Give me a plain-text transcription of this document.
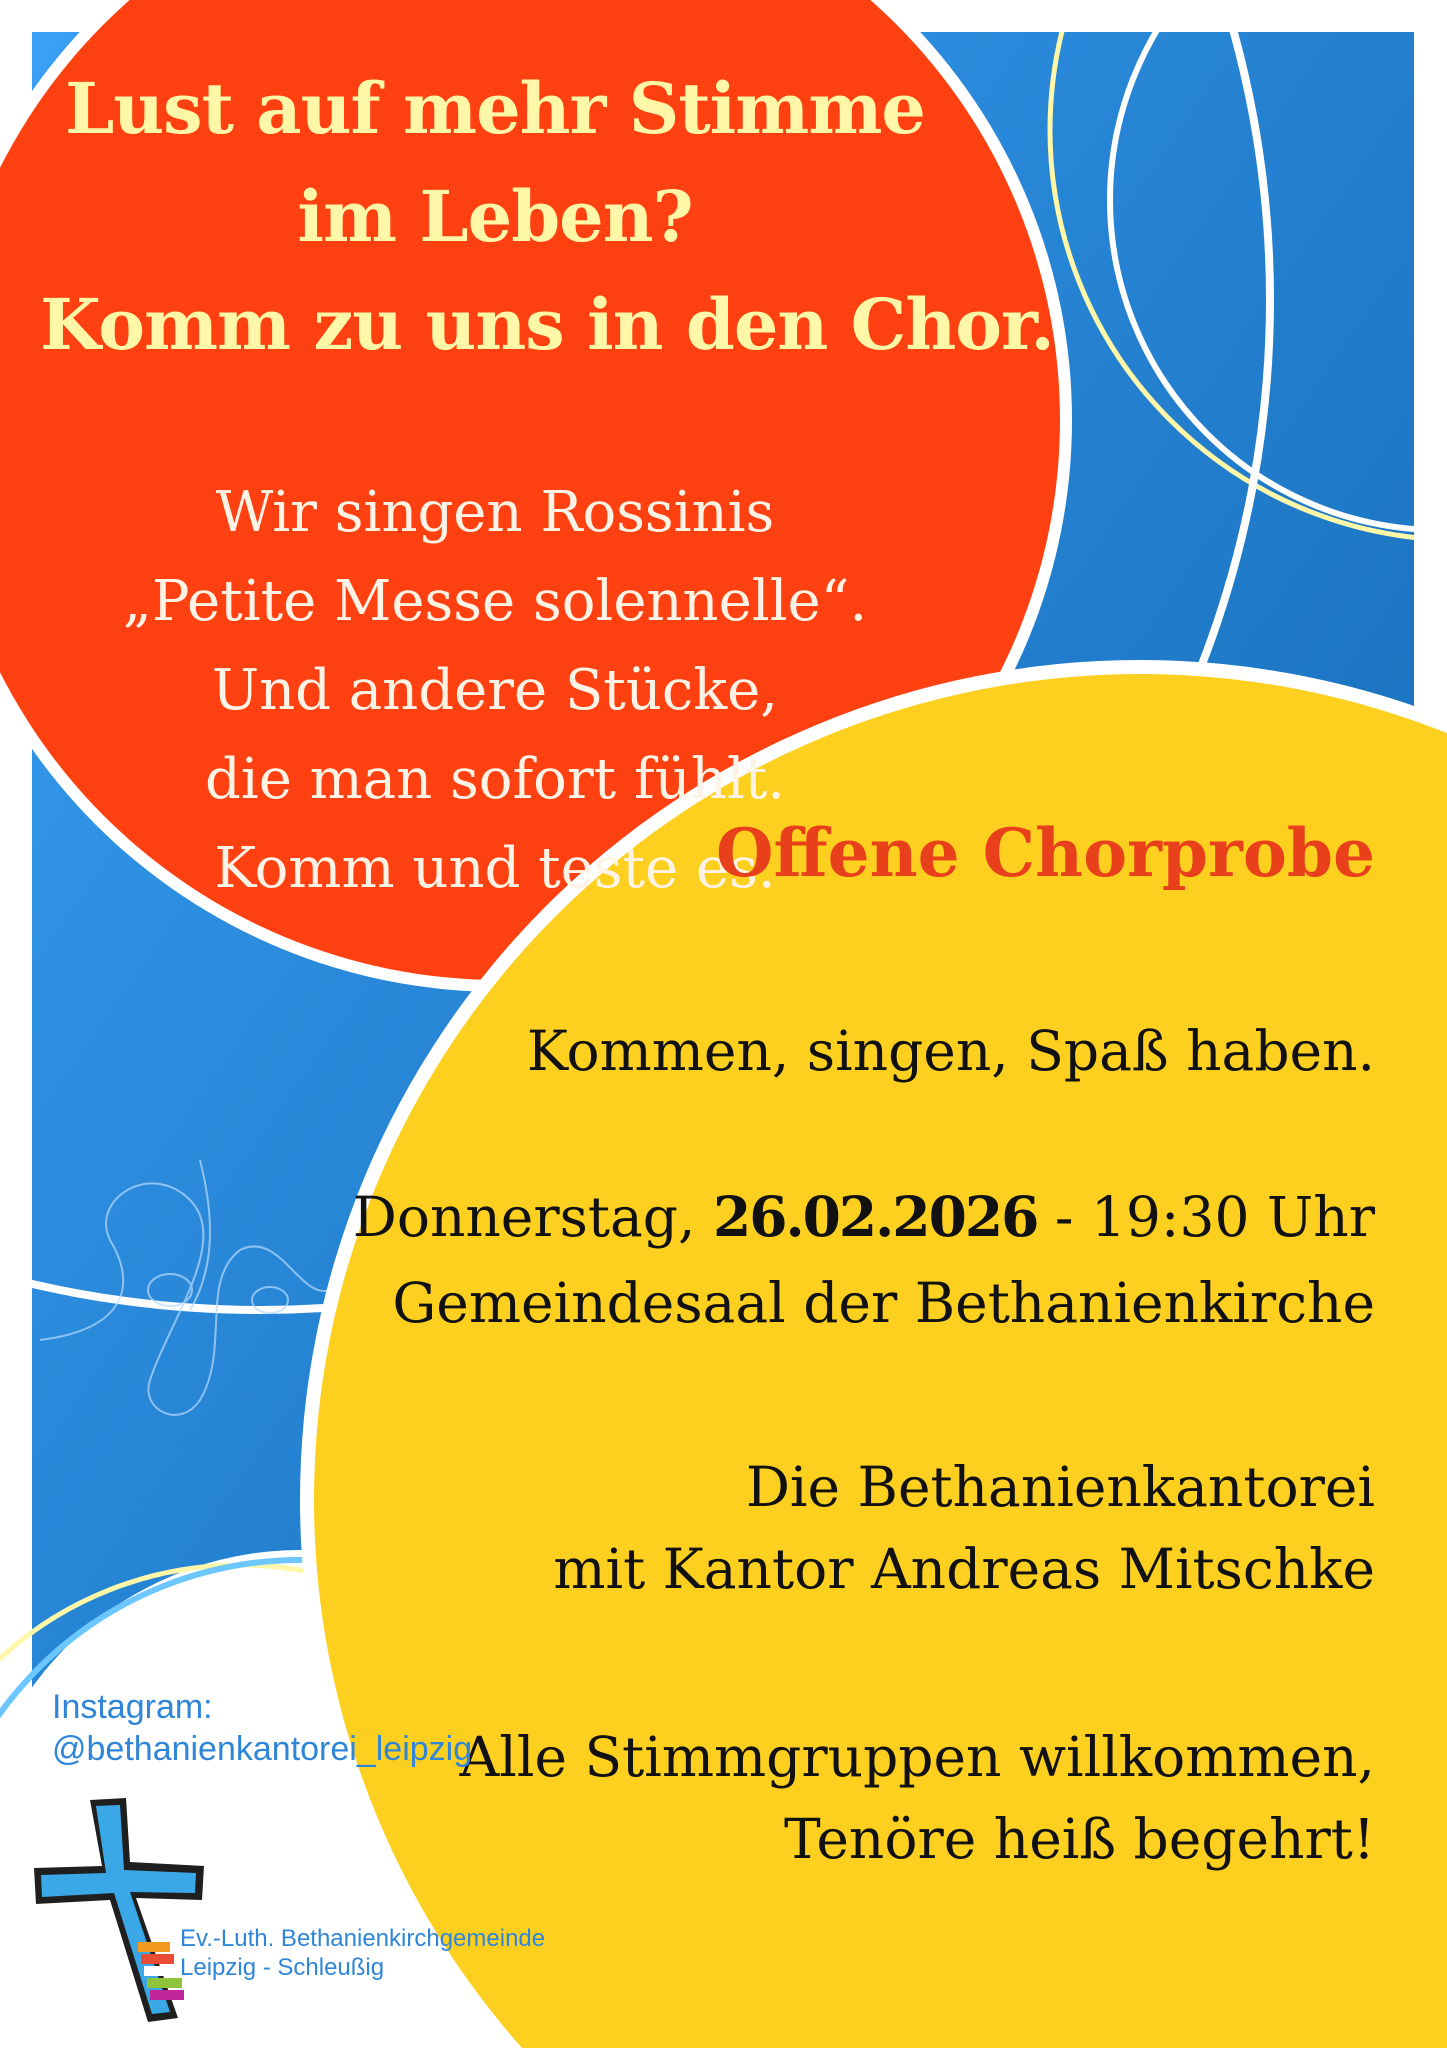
Lust auf mehr Stimme
im Leben?
Komm zu uns in den Chor.
Wir singen Rossinis
„Petite Messe solennelle“.
Und andere Stücke,
die man sofort fühlt.
Komm und teste es.
Offene Chorprobe
Kommen, singen, Spaß haben.
Donnerstag, 26.02.2026 - 19:30 Uhr
Gemeindesaal der Bethanienkirche
Die Bethanienkantorei
mit Kantor Andreas Mitschke
Alle Stimmgruppen willkommen,
Tenöre heiß begehrt!
Instagram:
@bethanienkantorei_leipzig
Ev.-Luth. Bethanienkirchgemeinde
Leipzig - Schleußig
